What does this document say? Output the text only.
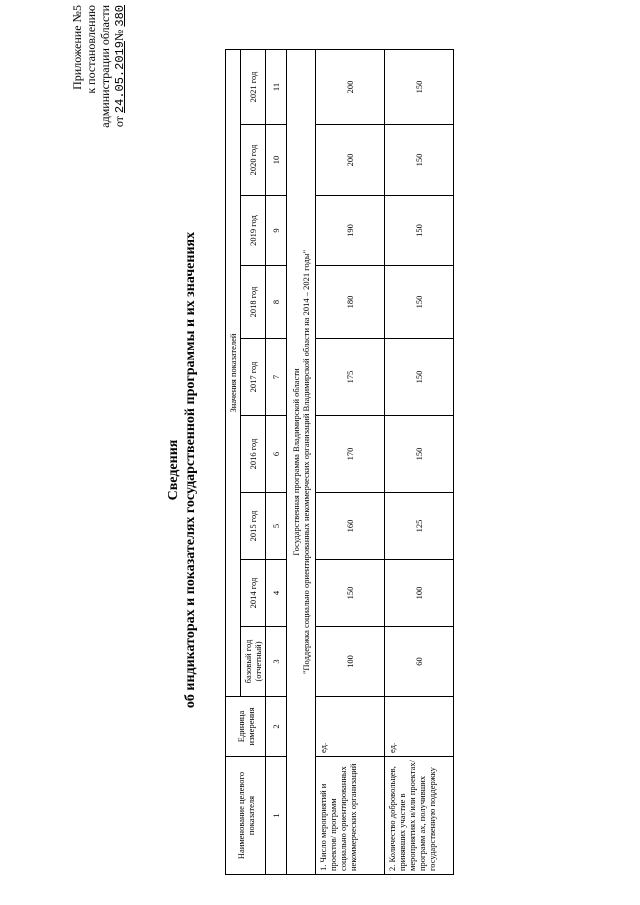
Приложение №5 к постановлению администрации области от 24.05.2019№ 380
Сведения об индикаторах и показателях государственной программы и их значениях
Наименование целевого показателя	Единица измерения	Значения показателей								
		базовый год (отчетный)	2014 год	2015 год	2016 год	2017 год	2018 год	2019 год	2020 год	2021 год
1	2	3	4	5	6	7	8	9	10	11

Государственная программа Владимирской области "Поддержка социально ориентированных некоммерческих организаций Владимирской области на 2014 – 2021 годы"										

1. Число мероприятий и проектов/ программ социально ориентированных некоммерческих организаций	ед.	100	150	160	170	175	180	190	200	200
2. Количество добровольцев, принявших участие в мероприятиях и/или проектах/программ ах, получивших государственную поддержку	ед.	60	100	125	150	150	150	150	150	150
